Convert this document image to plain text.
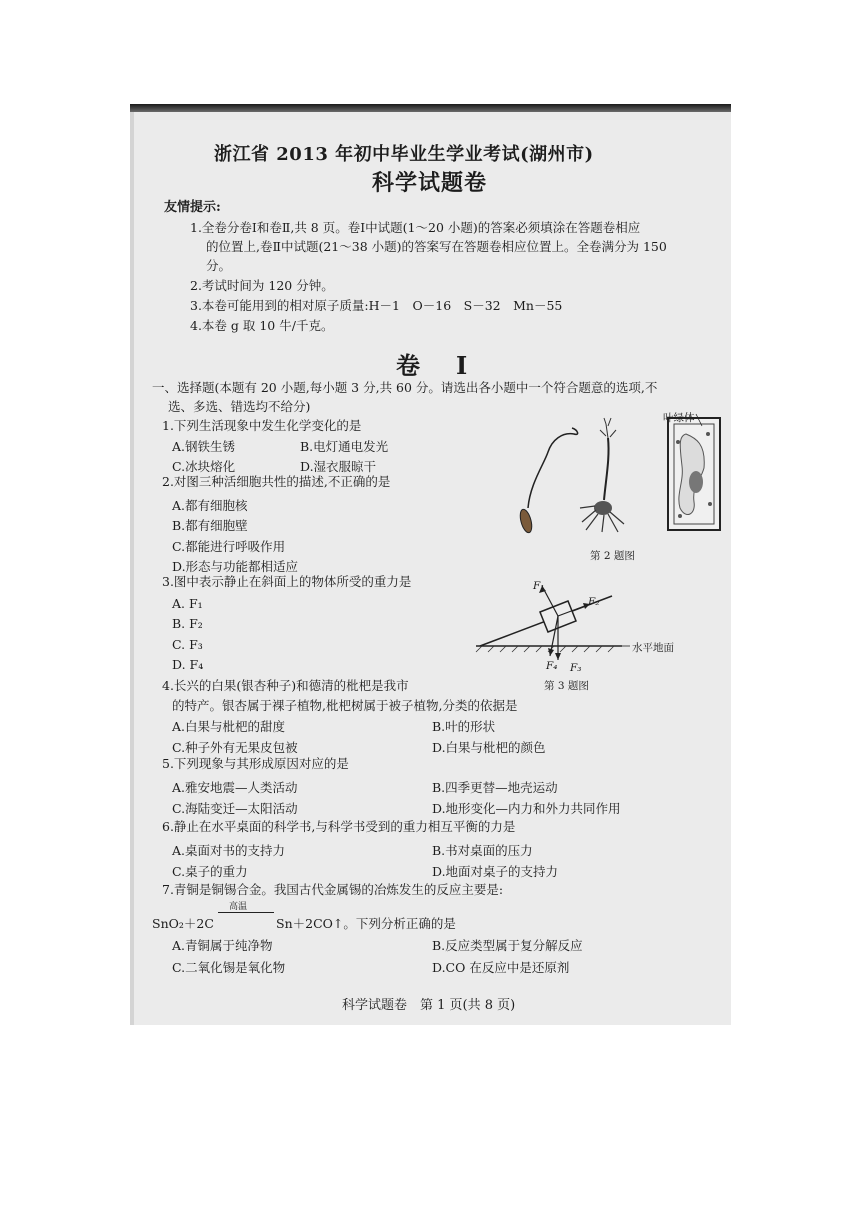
浙江省 2013 年初中毕业生学业考试(湖州市)
科学试题卷
友情提示:
1.全卷分卷Ⅰ和卷Ⅱ,共 8 页。卷Ⅰ中试题(1～20 小题)的答案必须填涂在答题卷相应
的位置上,卷Ⅱ中试题(21～38 小题)的答案写在答题卷相应位置上。全卷满分为 150
分。
2.考试时间为 120 分钟。
3.本卷可能用到的相对原子质量:H－1　O－16　S－32　Mn－55
4.本卷 g 取 10 牛/千克。
卷　Ⅰ
一、选择题(本题有 20 小题,每小题 3 分,共 60 分。请选出各小题中一个符合题意的选项,不
选、多选、错选均不给分)
1.下列生活现象中发生化学变化的是
A.钢铁生锈	B.电灯通电发光
C.冰块熔化	D.湿衣服晾干
2.对图三种活细胞共性的描述,不正确的是
A.都有细胞核
B.都有细胞壁
C.都能进行呼吸作用
D.形态与功能都相适应
3.图中表示静止在斜面上的物体所受的重力是
A. F₁
B. F₂
C. F₃
D. F₄
4.长兴的白果(银杏种子)和德清的枇杷是我市
的特产。银杏属于裸子植物,枇杷树属于被子植物,分类的依据是
A.白果与枇杷的甜度	B.叶的形状
C.种子外有无果皮包被	D.白果与枇杷的颜色
5.下列现象与其形成原因对应的是
A.雅安地震—人类活动	B.四季更替—地壳运动
C.海陆变迁—太阳活动	D.地形变化—内力和外力共同作用
6.静止在水平桌面的科学书,与科学书受到的重力相互平衡的力是
A.桌面对书的支持力	B.书对桌面的压力
C.桌子的重力	D.地面对桌子的支持力
7.青铜是铜锡合金。我国古代金属锡的冶炼发生的反应主要是:
SnO₂＋2C
高温
Sn＋2CO↑。下列分析正确的是
A.青铜属于纯净物	B.反应类型属于复分解反应
C.二氧化锡是氧化物	D.CO 在反应中是还原剂
叶绿体
第 2 题图
F₁
F₂
F₄ F₃
水平地面
第 3 题图
科学试题卷　第 1 页(共 8 页)
